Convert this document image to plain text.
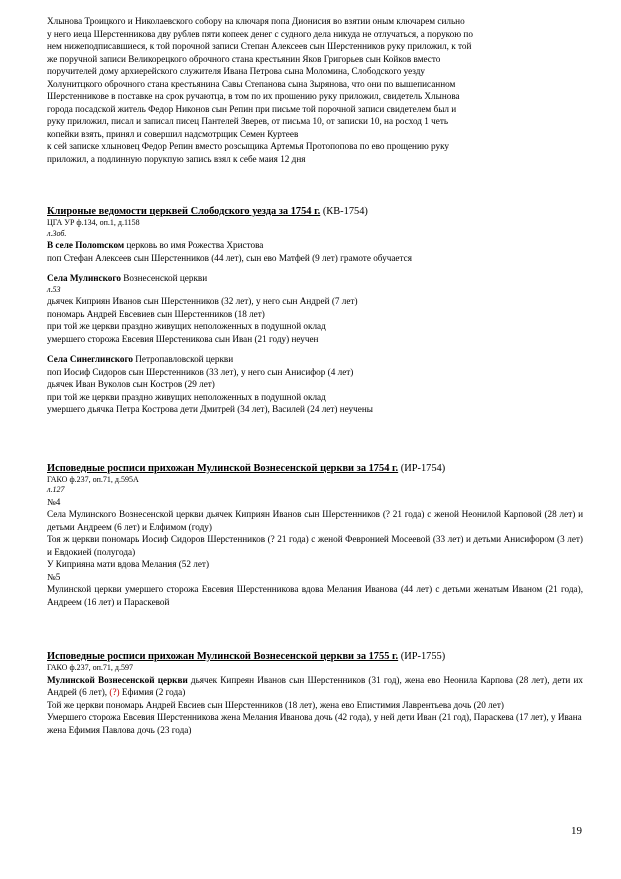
Хлынова Троицкого и Николаевского собору на ключаря попа Дионисия во взятии оным ключарем сильно

у него иеца Шерстенникова дву рублев пяти копеек денег с судного дела никуда не отлучаться, а порукою по

нем нижеподписавшиеся, к той порочной записи Степан Алексеев сын Шерстенников руку приложил, к той

же поручной записи Великорецкого оброчного стана крестьянин Яков Григорьев сын Койков вместо

поручителей дому архиерейского служителя Ивана Петрова сына Моломина, Слободского уезду

Холунитцкого оброчного стана крестьянина Савы Степанова сына Зырянова, что они по вышеписанном

Шерстенникове в поставке на срок ручаютца, в том по их прошению руку приложил, свидетель Хлынова

города посадской житель Федор Никонов сын Репин при письме той порочной записи свидетелем был и

руку приложил, писал и записал писец Пантелей Зверев, от письма 10, от записки 10, на росход 1 четь

копейки взять, принял и совершил надсмотрщик Семен Куртеев

к сей записке хлыновец Федор Репин вместо розсыщика Артемья Протопопова по ево прощению руку

приложил, а подлинную порукпую запись взял к себе маия 12 дня

Клироные ведомости церквей Слободского уезда за 1754 г. (КВ-1754)

ЦГА УР ф.134, оп.1, д.1158

л.3об.

В селе Полomском церковь во имя Рожества Христова

поп Стефан Алексеев сын Шерстенников (44 лет), сын ево Матфей (9 лет) грамоте обучается

Села Мулинского Вознесенской церкви

л.53

дьячек Киприян Иванов сын Шерстенников (32 лет), у него сын Андрей (7 лет)

пономарь Андрей Евсевиев сын Шерстенников (18 лет)

при той же церкви праздно живущих неположенных в подушной оклад

умершего сторожа Евсевия Шерстеникова сын Иван (21 году) неучен

Села Синеглинского Петропавловской церкви

поп Иосиф Сидоров сын Шерстенников (33 лет), у него сын Анисифор (4 лет)

дьячек Иван Вуколов сын Костров (29 лет)

при той же церкви праздно живущих неположенных в подушной оклад

умершего дьячка Петра Кострова дети Дмитрей (34 лет), Василей (24 лет) неучены

Исповедные росписи прихожан Мулинской Вознесенской церкви за 1754 г. (ИР-1754)

ГАКО ф.237, оп.71, д.595А

л.127

№4

Села Мулинского Вознесенской церкви дьячек Киприян Иванов сын Шерстенников (? 21 года) с женой Неонилой Карповой (28 лет) и детьми Андреем (6 лет) и Елфимом (году)

Тоя ж церкви пономарь Иосиф Сидоров Шерстенников (? 21 года) с женой Февронией Мосеевой (33 лет) и детьми Анисифором (3 лет) и Евдокией (полугода)

У Киприяна мати вдова Мелания (52 лет)

№5

Мулинской церкви умершего сторожа Евсевия Шерстенникова вдова Мелания Иванова (44 лет) с детьми женатым Иваном (21 года), Андреем (16 лет) и Параскевой

Исповедные росписи прихожан Мулинской Вознесенской церкви за 1755 г. (ИР-1755)

ГАКО ф.237, оп.71, д.597

Мулинской Вознесенской церкви дьячек Кипреян Иванов сын Шерстенников (31 год), жена ево Неонила Карпова (28 лет), дети их Андрей (6 лет), (?) Ефимия (2 года)

Той же церкви пономарь Андрей Евсиев сын Шерстенников (18 лет), жена ево Епистимия Лаврентьева дочь (20 лет)

Умершего сторожа Евсевия Шерстенникова жена Мелания Иванова дочь (42 года), у ней дети Иван (21 год), Параскева (17 лет), у Ивана жена Ефимия Павлова дочь (23 года)

19
